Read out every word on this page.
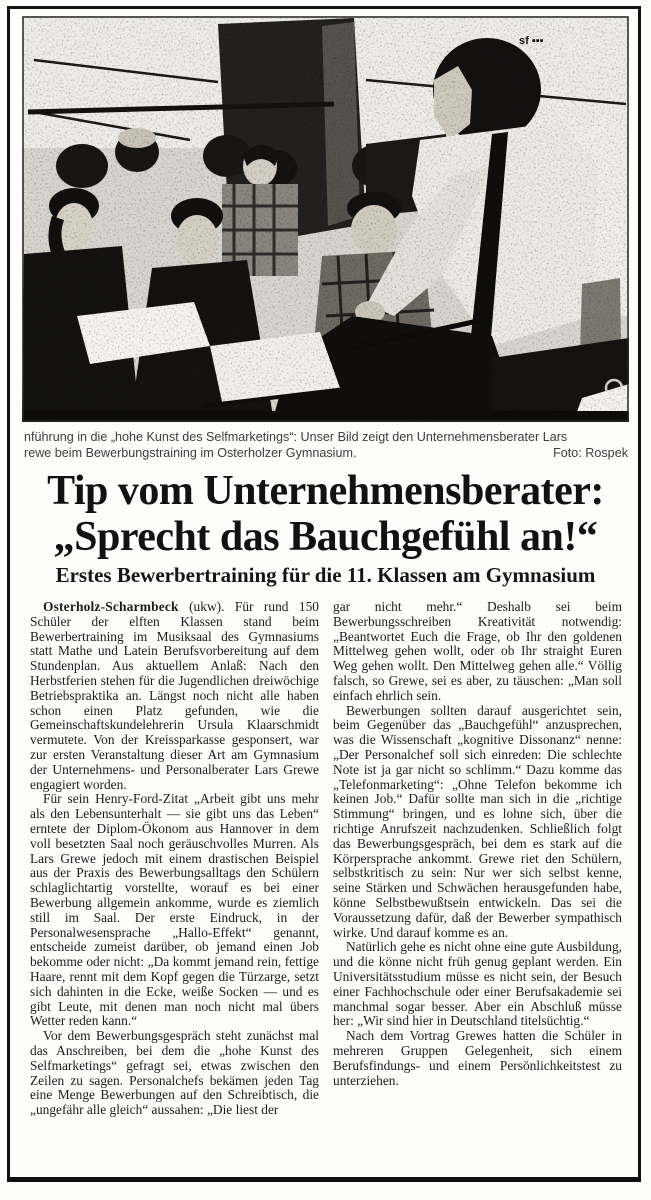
sf ▪▪▪
nführung in die „hohe Kunst des Selfmarketings“: Unser Bild zeigt den Unternehmensberater Lars
rewe beim Bewerbungstraining im Osterholzer Gymnasium.	Foto: Rospek
Tip vom Unternehmensberater:
„Sprecht das Bauchgefühl an!“
Erstes Bewerbertraining für die 11. Klassen am Gymnasium

Osterholz-Scharmbeck (ukw). Für rund 150 Schüler der elften Klassen stand beim Bewerbertraining im Musiksaal des Gymnasiums statt Mathe und Latein Berufsvorbereitung auf dem Stundenplan. Aus aktuellem Anlaß: Nach den Herbstferien stehen für die Jugendlichen dreiwöchige Betriebspraktika an. Längst noch nicht alle haben schon einen Platz gefunden, wie die Gemeinschaftskundelehrerin Ursula Klaarschmidt vermutete. Von der Kreissparkasse gesponsert, war zur ersten Veranstaltung dieser Art am Gymnasium der Unternehmens- und Personalberater Lars Grewe engagiert worden.

Für sein Henry-Ford-Zitat „Arbeit gibt uns mehr als den Lebensunterhalt — sie gibt uns das Leben“ erntete der Diplom-Ökonom aus Hannover in dem voll besetzten Saal noch geräuschvolles Murren. Als Lars Grewe jedoch mit einem drastischen Beispiel aus der Praxis des Bewerbungsalltags den Schülern schlaglichtartig vorstellte, worauf es bei einer Bewerbung allgemein ankomme, wurde es ziemlich still im Saal. Der erste Eindruck, in der Personalwesensprache „Hallo-Effekt“ genannt, entscheide zumeist darüber, ob jemand einen Job bekomme oder nicht: „Da kommt jemand rein, fettige Haare, rennt mit dem Kopf gegen die Türzarge, setzt sich dahinten in die Ecke, weiße Socken — und es gibt Leute, mit denen man noch nicht mal übers Wetter reden kann.“

Vor dem Bewerbungsgespräch steht zunächst mal das Anschreiben, bei dem die „hohe Kunst des Selfmarketings“ gefragt sei, etwas zwischen den Zeilen zu sagen. Personalchefs bekämen jeden Tag eine Menge Bewerbungen auf den Schreibtisch, die „ungefähr alle gleich“ aussahen: „Die liest der

gar nicht mehr.“ Deshalb sei beim Bewerbungsschreiben Kreativität notwendig: „Beantwortet Euch die Frage, ob Ihr den goldenen Mittelweg gehen wollt, oder ob Ihr straight Euren Weg gehen wollt. Den Mittelweg gehen alle.“ Völlig falsch, so Grewe, sei es aber, zu täuschen: „Man soll einfach ehrlich sein.

Bewerbungen sollten darauf ausgerichtet sein, beim Gegenüber das „Bauchgefühl“ anzusprechen, was die Wissenschaft „kognitive Dissonanz“ nenne: „Der Personalchef soll sich einreden: Die schlechte Note ist ja gar nicht so schlimm.“ Dazu komme das „Telefonmarketing“: „Ohne Telefon bekomme ich keinen Job.“ Dafür sollte man sich in die „richtige Stimmung“ bringen, und es lohne sich, über die richtige Anrufszeit nachzudenken. Schließlich folgt das Bewerbungsgespräch, bei dem es stark auf die Körpersprache ankommt. Grewe riet den Schülern, selbstkritisch zu sein: Nur wer sich selbst kenne, seine Stärken und Schwächen herausgefunden habe, könne Selbstbewußtsein entwickeln. Das sei die Voraussetzung dafür, daß der Bewerber sympathisch wirke. Und darauf komme es an.

Natürlich gehe es nicht ohne eine gute Ausbildung, und die könne nicht früh genug geplant werden. Ein Universitätsstudium müsse es nicht sein, der Besuch einer Fachhochschule oder einer Berufsakademie sei manchmal sogar besser. Aber ein Abschluß müsse her: „Wir sind hier in Deutschland titelsüchtig.“

Nach dem Vortrag Grewes hatten die Schüler in mehreren Gruppen Gelegenheit, sich einem Berufsfindungs- und einem Persönlichkeitstest zu unterziehen.
